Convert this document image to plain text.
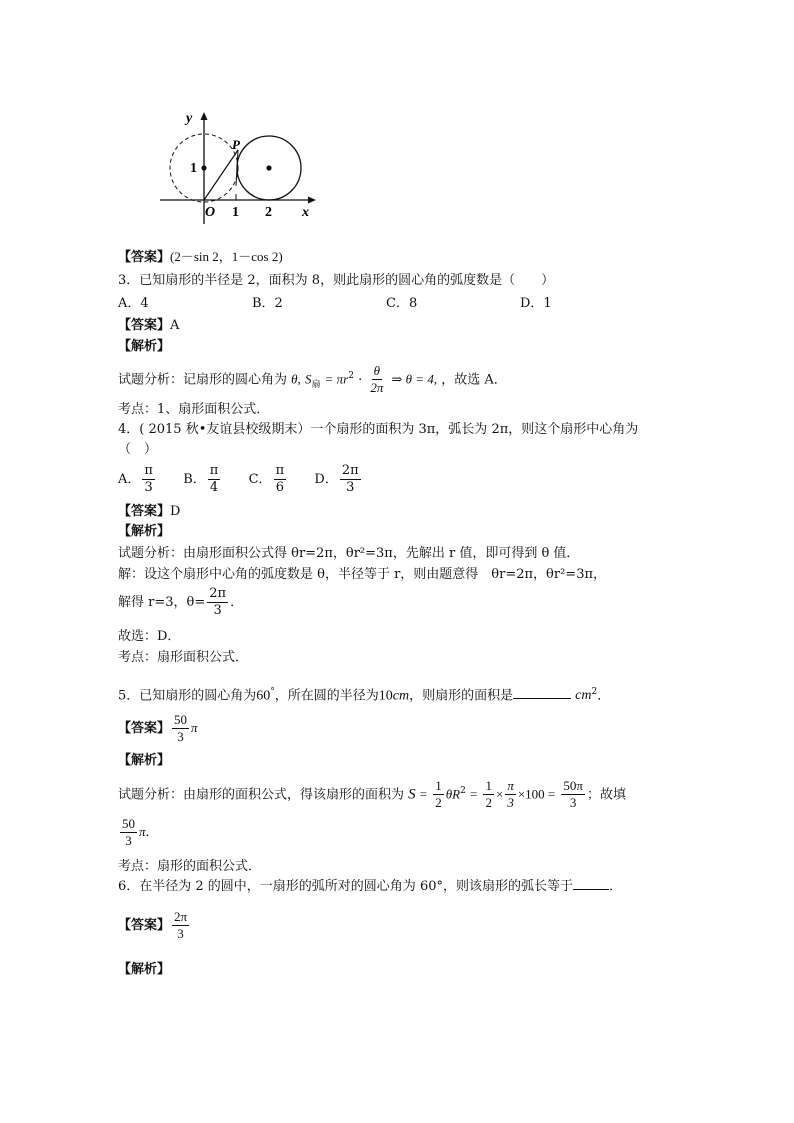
y
x
O
P
1 2
1
【答案】(2－sin 2，1－cos 2)
3．已知扇形的半径是 2，面积为 8，则此扇形的圆心角的弧度数是（　　）
A．4	B．2	C．8	D．1
【答案】A
【解析】
试题分析：记扇形的圆心角为 θ, $S_扇 = \pi r^2 \cdot \frac{\theta}{2\pi}$ ⇒ θ = 4, ，故选 A．
考点：1、扇形面积公式．
4．( 2015 秋•友谊县校级期末）一个扇形的面积为 3π，弧长为 2π，则这个扇形中心角为
（　）
A． $\frac{\pi}{3}$ B． $\frac{\pi}{4}$ C． $\frac{\pi}{6}$ D． $\frac{2\pi}{3}$
【答案】D
【解析】
试题分析：由扇形面积公式得 θr=2π，θr²=3π，先解出 r 值，即可得到 θ 值．
解：设这个扇形中心角的弧度数是 θ，半径等于 r，则由题意得　θr=2π，θr²=3π，
解得 r=3，$\theta= \frac{2\pi}{3}$ ．
故选：D．
考点：扇形面积公式．
5．已知扇形的圆心角为60°，所在圆的半径为10cm，则扇形的面积是	$cm^2$．
【答案】 $\frac{50}{3}$ π
【解析】
试题分析：由扇形的面积公式，得该扇形的面积为 $S = \frac{1}{2} \theta R^2 = \frac{1}{2} \times \frac{\pi}{3} \times 100 = \frac{50\pi}{3}$ ；故填
$\frac{50}{3}$ π．
考点：扇形的面积公式．
6．在半径为 2 的圆中，一扇形的弧所对的圆心角为 60°，则该扇形的弧长等于	．
【答案】 $\frac{2\pi}{3}$
【解析】
